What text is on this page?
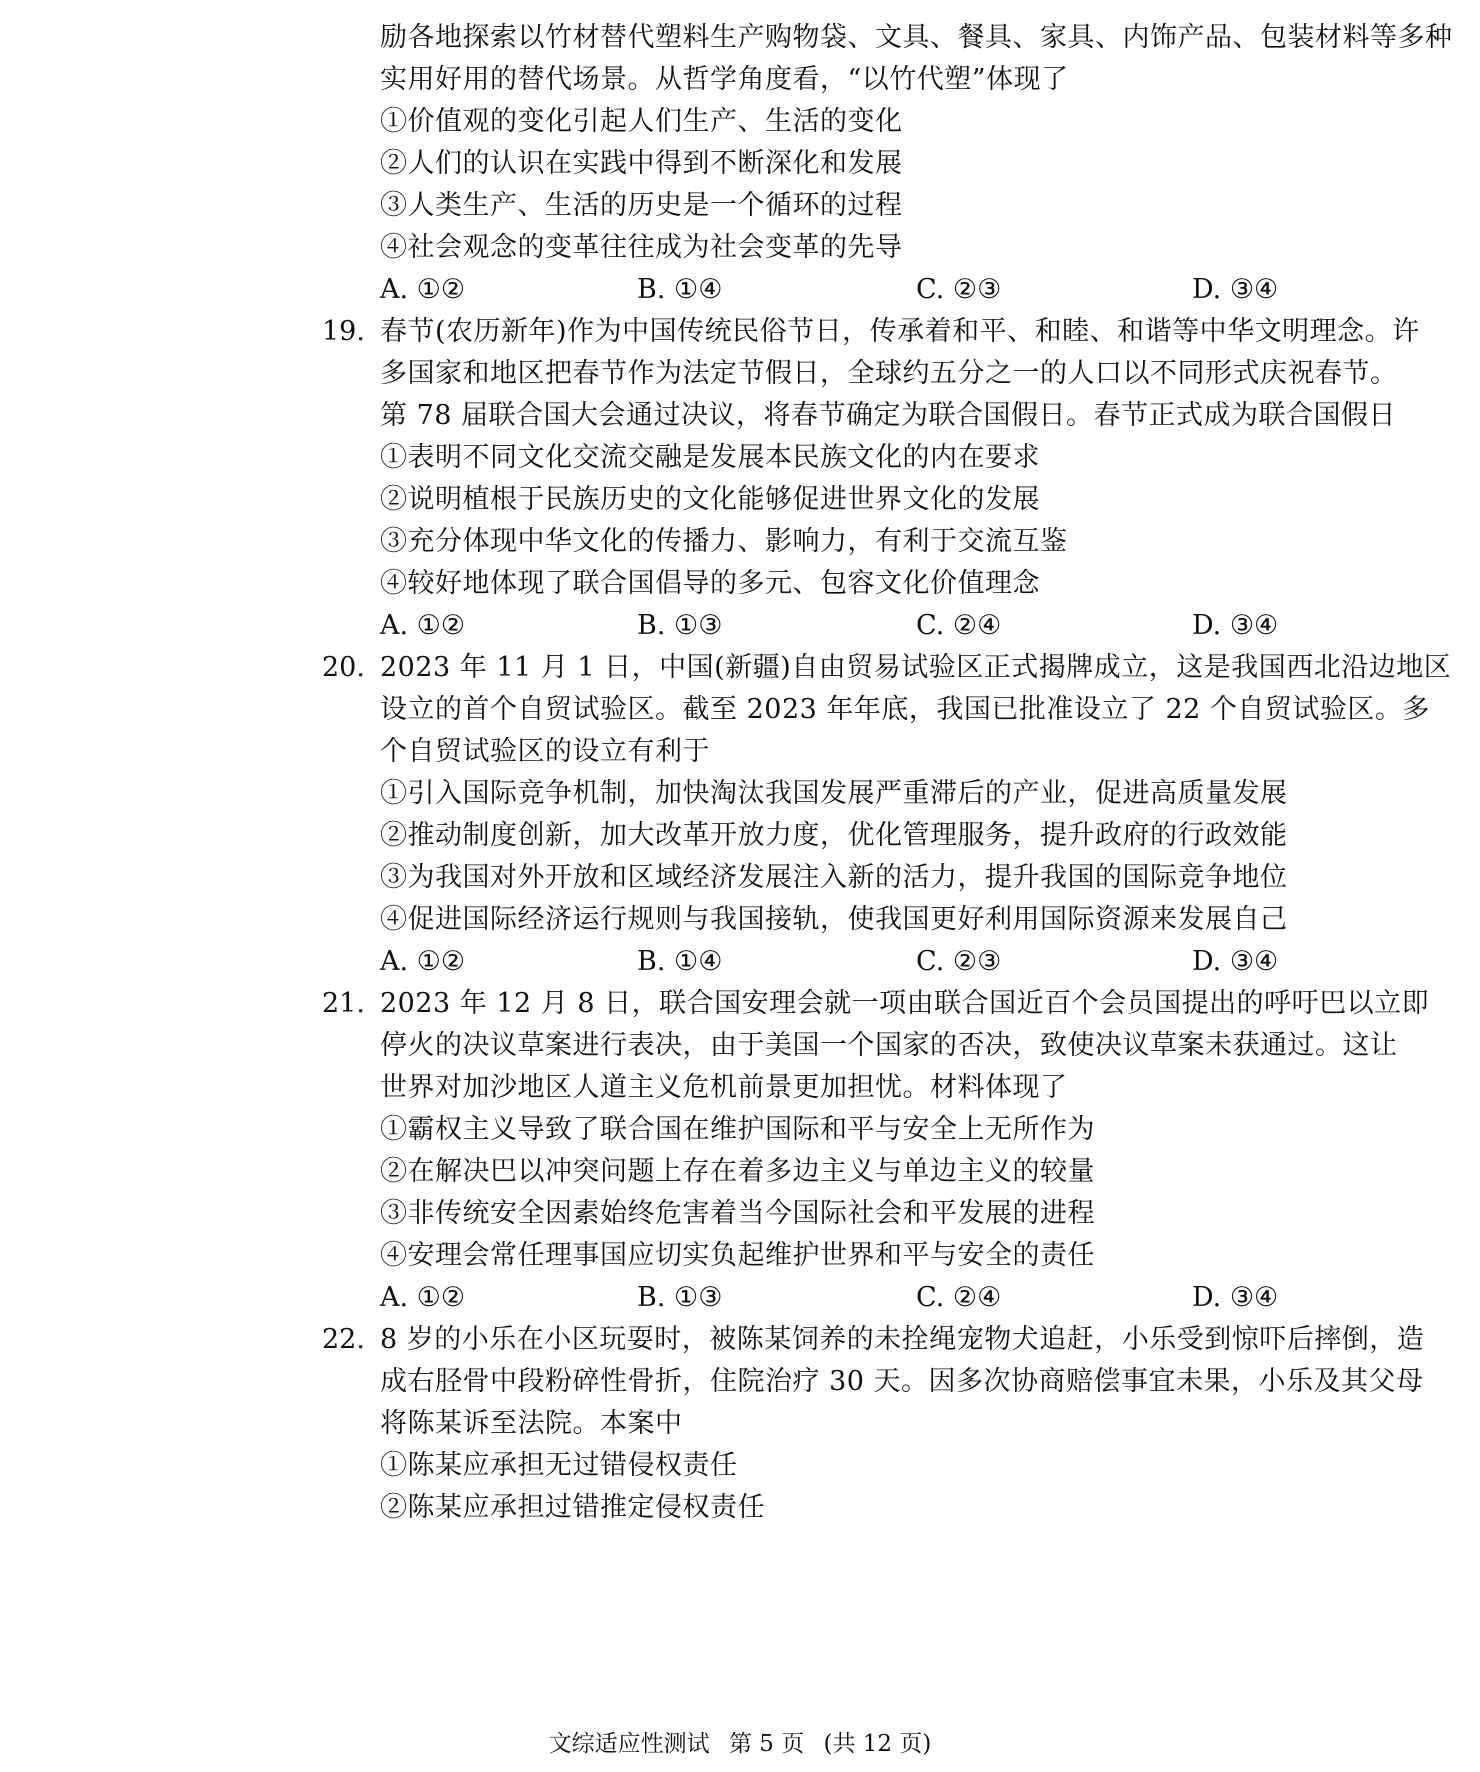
励各地探索以竹材替代塑料生产购物袋、文具、餐具、家具、内饰产品、包装材料等多种
实用好用的替代场景。从哲学角度看，“以竹代塑”体现了
①价值观的变化引起人们生产、生活的变化
②人们的认识在实践中得到不断深化和发展
③人类生产、生活的历史是一个循环的过程
④社会观念的变革往往成为社会变革的先导
A. ①②	B. ①④	C. ②③	D. ③④
19. 春节(农历新年)作为中国传统民俗节日，传承着和平、和睦、和谐等中华文明理念。许
多国家和地区把春节作为法定节假日，全球约五分之一的人口以不同形式庆祝春节。
第 78 届联合国大会通过决议，将春节确定为联合国假日。春节正式成为联合国假日
①表明不同文化交流交融是发展本民族文化的内在要求
②说明植根于民族历史的文化能够促进世界文化的发展
③充分体现中华文化的传播力、影响力，有利于交流互鉴
④较好地体现了联合国倡导的多元、包容文化价值理念
A. ①②	B. ①③	C. ②④	D. ③④
20. 2023 年 11 月 1 日，中国(新疆)自由贸易试验区正式揭牌成立，这是我国西北沿边地区
设立的首个自贸试验区。截至 2023 年年底，我国已批准设立了 22 个自贸试验区。多
个自贸试验区的设立有利于
①引入国际竞争机制，加快淘汰我国发展严重滞后的产业，促进高质量发展
②推动制度创新，加大改革开放力度，优化管理服务，提升政府的行政效能
③为我国对外开放和区域经济发展注入新的活力，提升我国的国际竞争地位
④促进国际经济运行规则与我国接轨，使我国更好利用国际资源来发展自己
A. ①②	B. ①④	C. ②③	D. ③④
21. 2023 年 12 月 8 日，联合国安理会就一项由联合国近百个会员国提出的呼吁巴以立即
停火的决议草案进行表决，由于美国一个国家的否决，致使决议草案未获通过。这让
世界对加沙地区人道主义危机前景更加担忧。材料体现了
①霸权主义导致了联合国在维护国际和平与安全上无所作为
②在解决巴以冲突问题上存在着多边主义与单边主义的较量
③非传统安全因素始终危害着当今国际社会和平发展的进程
④安理会常任理事国应切实负起维护世界和平与安全的责任
A. ①②	B. ①③	C. ②④	D. ③④
22. 8 岁的小乐在小区玩耍时，被陈某饲养的未拴绳宠物犬追赶，小乐受到惊吓后摔倒，造
成右胫骨中段粉碎性骨折，住院治疗 30 天。因多次协商赔偿事宜未果，小乐及其父母
将陈某诉至法院。本案中
①陈某应承担无过错侵权责任
②陈某应承担过错推定侵权责任
文综适应性测试 第 5 页 (共 12 页)
